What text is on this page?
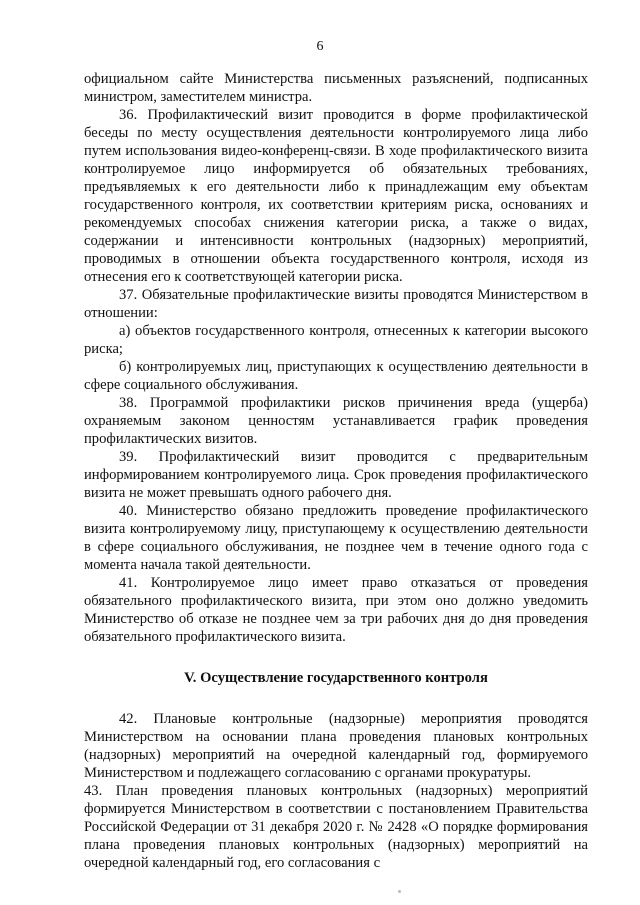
6

официальном сайте Министерства письменных разъяснений, подписанных министром, заместителем министра.

36. Профилактический визит проводится в форме профилактической беседы по месту осуществления деятельности контролируемого лица либо путем использования видео-конференц-связи. В ходе профилактического визита контролируемое лицо информируется об обязательных требованиях, предъявляемых к его деятельности либо к принадлежащим ему объектам государственного контроля, их соответствии критериям риска, основаниях и рекомендуемых способах снижения категории риска, а также о видах, содержании и интенсивности контрольных (надзорных) мероприятий, проводимых в отношении объекта государственного контроля, исходя из отнесения его к соответствующей категории риска.

37. Обязательные профилактические визиты проводятся Министерством в отношении:

а) объектов государственного контроля, отнесенных к категории высокого риска;

б) контролируемых лиц, приступающих к осуществлению деятельности в сфере социального обслуживания.

38. Программой профилактики рисков причинения вреда (ущерба) охраняемым законом ценностям устанавливается график проведения профилактических визитов.

39. Профилактический визит проводится с предварительным информированием контролируемого лица. Срок проведения профилактического визита не может превышать одного рабочего дня.

40. Министерство обязано предложить проведение профилактического визита контролируемому лицу, приступающему к осуществлению деятельности в сфере социального обслуживания, не позднее чем в течение одного года с момента начала такой деятельности.

41. Контролируемое лицо имеет право отказаться от проведения обязательного профилактического визита, при этом оно должно уведомить Министерство об отказе не позднее чем за три рабочих дня до дня проведения обязательного профилактического визита.

V. Осуществление государственного контроля

42. Плановые контрольные (надзорные) мероприятия проводятся Министерством на основании плана проведения плановых контрольных (надзорных) мероприятий на очередной календарный год, формируемого Министерством и подлежащего согласованию с органами прокуратуры.

43. План проведения плановых контрольных (надзорных) мероприятий формируется Министерством в соответствии с постановлением Правительства Российской Федерации от 31 декабря 2020 г. № 2428 «О порядке формирования плана проведения плановых контрольных (надзорных) мероприятий на очередной календарный год, его согласования с
